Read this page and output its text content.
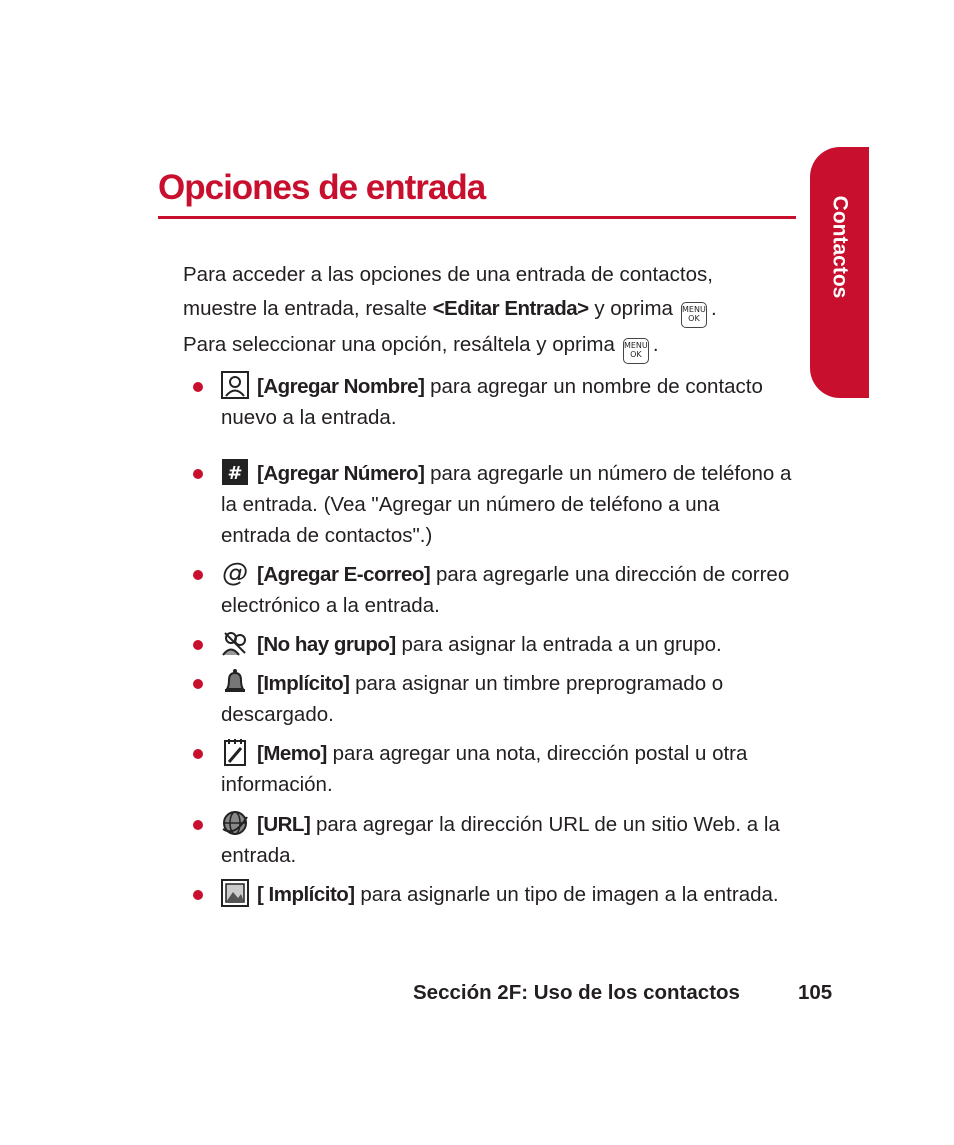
Opciones de entrada
Contactos
Para acceder a las opciones de una entrada de contactos,
muestre la entrada, resalte <Editar Entrada> y oprima MENU
OK .
Para seleccionar una opción, resáltela y oprima MENU
OK .
[Agregar Nombre] para agregar un nombre de contacto nuevo a la entrada.
# [Agregar Número] para agregarle un número de teléfono a la entrada. (Vea "Agregar un número de teléfono a una entrada de contactos".)
@ [Agregar E-correo] para agregarle una dirección de correo electrónico a la entrada.
[No hay grupo] para asignar la entrada a un grupo.
[Implícito] para asignar un timbre preprogramado o descargado.
[Memo] para agregar una nota, dirección postal u otra información.
[URL] para agregar la dirección URL de un sitio Web. a la entrada.
[ Implícito] para asignarle un tipo de imagen a la entrada.
Sección 2F: Uso de los contactos	105
